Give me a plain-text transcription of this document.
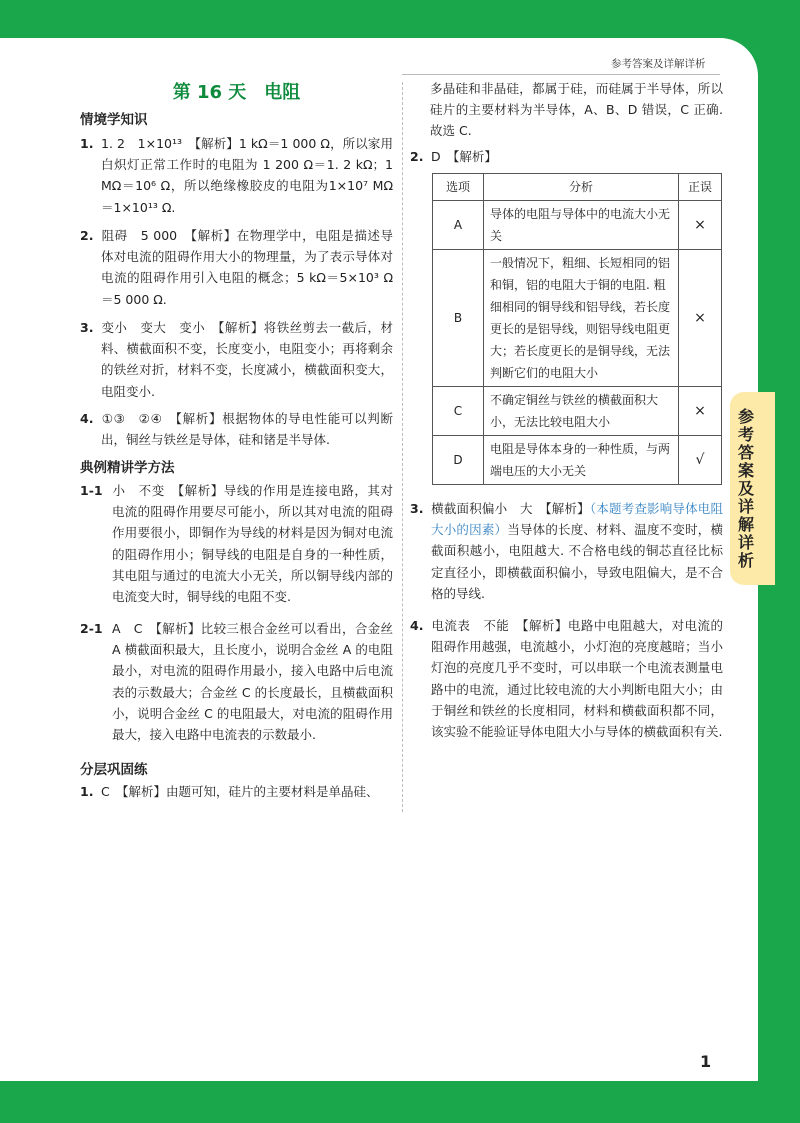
参考答案及详解详析
参考答案及详解详析
第 16 天　电阻
情境学知识
1. 1. 2　1×10¹³　【解析】1 kΩ＝1 000 Ω，所以家用白炽灯正常工作时的电阻为 1 200 Ω＝1. 2 kΩ；1 MΩ＝10⁶ Ω，所以绝缘橡胶皮的电阻为1×10⁷ MΩ＝1×10¹³ Ω.
2. 阻碍　5 000　【解析】在物理学中，电阻是描述导体对电流的阻碍作用大小的物理量，为了表示导体对电流的阻碍作用引入电阻的概念；5 kΩ＝5×10³ Ω＝5 000 Ω.
3. 变小　变大　变小　【解析】将铁丝剪去一截后，材料、横截面积不变，长度变小，电阻变小；再将剩余的铁丝对折，材料不变，长度减小，横截面积变大，电阻变小.
4. ①③　②④　【解析】根据物体的导电性能可以判断出，铜丝与铁丝是导体，硅和锗是半导体.
典例精讲学方法
1-1 小　不变　【解析】导线的作用是连接电路，其对电流的阻碍作用要尽可能小，所以其对电流的阻碍作用要很小，即铜作为导线的材料是因为铜对电流的阻碍作用小；铜导线的电阻是自身的一种性质，其电阻与通过的电流大小无关，所以铜导线内部的电流变大时，铜导线的电阻不变.
2-1 A　C　【解析】比较三根合金丝可以看出，合金丝 A 横截面积最大，且长度小，说明合金丝 A 的电阻最小，对电流的阻碍作用最小，接入电路中后电流表的示数最大；合金丝 C 的长度最长，且横截面积小，说明合金丝 C 的电阻最大，对电流的阻碍作用最大，接入电路中电流表的示数最小.
分层巩固练
1. C　【解析】由题可知，硅片的主要材料是单晶硅、
多晶硅和非晶硅，都属于硅，而硅属于半导体，所以硅片的主要材料为半导体，A、B、D 错误，C 正确. 故选 C.
2. D　【解析】
选项	分析	正误
A	导体的电阻与导体中的电流大小无关	×
B	一般情况下，粗细、长短相同的铝和铜，铝的电阻大于铜的电阻. 粗细相同的铜导线和铝导线，若长度更长的是铝导线，则铝导线电阻更大；若长度更长的是铜导线，无法判断它们的电阻大小	×
C	不确定铜丝与铁丝的横截面积大小，无法比较电阻大小	×
D	电阻是导体本身的一种性质，与两端电压的大小无关	√
3. 横截面积偏小　大　【解析】（本题考查影响导体电阻大小的因素）当导体的长度、材料、温度不变时，横截面积越小，电阻越大. 不合格电线的铜芯直径比标定直径小，即横截面积偏小，导致电阻偏大，是不合格的导线.
4. 电流表　不能　【解析】电路中电阻越大，对电流的阻碍作用越强，电流越小，小灯泡的亮度越暗；当小灯泡的亮度几乎不变时，可以串联一个电流表测量电路中的电流，通过比较电流的大小判断电阻大小；由于铜丝和铁丝的长度相同，材料和横截面积都不同，该实验不能验证导体电阻大小与导体的横截面积有关.
1
